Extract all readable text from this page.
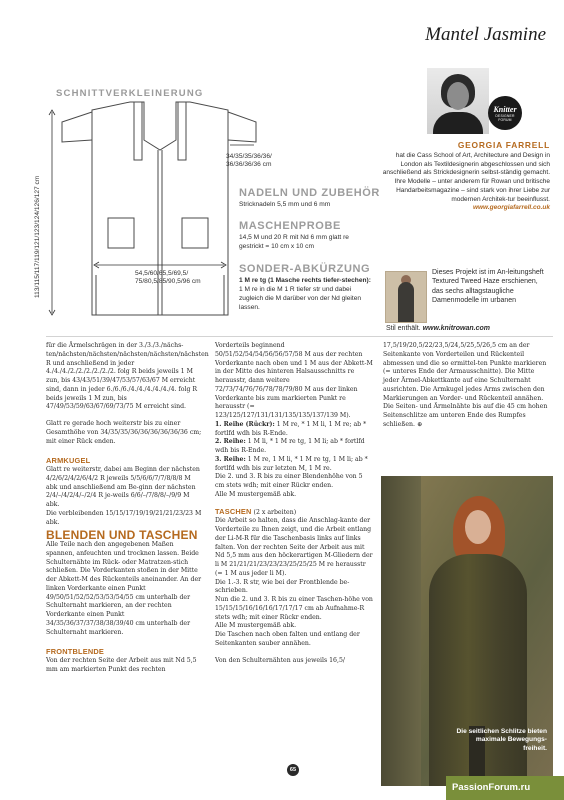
Mantel Jasmine
SCHNITTVERKLEINERUNG
34/35/35/36/36/
36/36/36/36 cm
54,5/60/65,5/69,5/
75/80,5/85/90,5/96 cm
113/115/117/119/121/123/124/126/127 cm	NADELN UND ZUBEHÖR
Stricknadeln 5,5 mm und 6 mm
MASCHENPROBE
14,5 M und 20 R mit Nd 6 mm glatt re gestrickt = 10 cm x 10 cm
SONDER-ABKÜRZUNG
1 M re tg (1 Masche rechts tiefer-stechen): 1 M re in die M 1 R tiefer str und dabei zugleich die M darüber von der Nd gleiten lassen.
Knitter
DESIGNER
FORUM
GEORGIA FARRELL
hat die Cass School of Art, Architecture and Design in London als Textildesignerin abgeschlossen und sich anschließend als Strickdesignerin selbst-ständig gemacht. Ihre Modelle – unter anderem für Rowan und britische Handarbeitsmagazine – sind stark von ihrer Liebe zur modernen Architek-tur beeinflusst. www.georgiafarrell.co.uk
Dieses Projekt ist im An-leitungsheft Textured Tweed Haze erschienen, das sechs alltagstaugliche Damenmodelle im urbanen
Stil enthält. www.knitrowan.com

für die Ärmelschrägen in der 3./3./3./nächs-ten/nächsten/nächsten/nächsten/nächsten/nächsten R und anschließend in jeder 4./4./4./2./2./2./2./2./2. folg R beids jeweils 1 M zun, bis 43/43/51/39/47/53/57/63/67 M erreicht sind, dann in jeder 6./6./6./4./4./4./4./4./4. folg R beids jeweils 1 M zun, bis 47/49/53/59/63/67/69/73/75 M erreicht sind.

Glatt re gerade hoch weiterstr bis zu einer Gesamthöhe von 34/35/35/36/36/36/36/36/36 cm; mit einer Rück enden.

ARMKUGEL

Glatt re weiterstr, dabei am Beginn der nächsten 4/2/6/2/4/2/6/4/2 R jeweils 5/5/6/6/7/7/8/8/8 M abk und anschließend am Be-ginn der nächsten 2/4/–/4/2/4/–/2/4 R je-weils 6/6/–/7/8/8/–/9/9 M abk.

Die verbleibenden 15/15/17/19/19/21/21/23/23 M abk.

BLENDEN UND TASCHEN

Alle Teile nach den angegebenen Maßen spannen, anfeuchten und trocknen lassen. Beide Schulternähte im Rück- oder Matratzen-stich schließen. Die Vorderkanten stoßen in der Mitte der Abkett-M des Rückenteils aneinander. An der linken Vorderkante einen Punkt 49/50/51/52/52/53/53/54/55 cm unterhalb der Schulternaht markieren, an der rechten Vorderkante einen Punkt 34/35/36/37/37/38/38/39/40 cm unterhalb der Schulternaht markieren.

FRONTBLENDE

Von der rechten Seite der Arbeit aus mit Nd 5,5 mm am markierten Punkt des rechten

Vorderteils beginnend 50/51/52/54/54/56/56/57/58 M aus der rechten Vorderkante nach oben und 1 M aus der Abkett-M in der Mitte des hinteren Halsausschnitts re herausstr, dann weitere 72/73/74/76/76/78/78/79/80 M aus der linken Vorderkante bis zum markierten Punkt re herausstr (= 123/125/127/131/131/135/135/137/139 M).

1. Reihe (Rückr): 1 M re, * 1 M li, 1 M re; ab * fortlfd wdh bis R-Ende.

2. Reihe: 1 M li, * 1 M re tg, 1 M li; ab * fortlfd wdh bis R-Ende.

3. Reihe: 1 M re, 1 M li, * 1 M re tg, 1 M li; ab * fortlfd wdh bis zur letzten M, 1 M re.

Die 2. und 3. R bis zu einer Blendenhöhe von 5 cm stets wdh; mit einer Rückr enden.

Alle M mustergemäß abk.

TASCHEN (2 x arbeiten)

Die Arbeit so halten, dass die Anschlag-kante der Vorderteile zu Ihnen zeigt, und die Arbeit entlang der Li-M-R für die Taschenbasis links auf links falten. Von der rechten Seite der Arbeit aus mit Nd 5,5 mm aus den höckerartigen M-Gliedern der li M 21/21/21/23/23/23/25/25/25 M re herausstr (= 1 M aus jeder li M).

Die 1.-3. R str, wie bei der Frontblende be-schrieben.

Nun die 2. und 3. R bis zu einer Taschen-höhe von 15/15/15/16/16/16/17/17/17 cm ab Aufnahme-R stets wdh; mit einer Rückr enden.

Alle M mustergemäß abk.

Die Taschen nach oben falten und entlang der Seitenkanten sauber annähen.

Von den Schulternähten aus jeweils 16,5/

17,5/19/20,5/22/23,5/24,5/25,5/26,5 cm an der Seitenkante von Vorderteilen und Rückenteil abmessen und die so ermittel-ten Punkte markieren (= unteres Ende der Armausschnitte). Die Mitte jeder Ärmel-Abkettkante auf eine Schulternaht ausrichten. Die Armkugel jedes Arms zwischen den Markierungen an Vorder- und Rückenteil annähen.

Die Seiten- und Ärmelnähte bis auf die 45 cm hohen Seitenschlitze am unteren Ende des Rumpfes schließen. ⊕

Die seitlichen Schlitze bieten maximale Bewegungs-freiheit.
65
PassionForum.ru
